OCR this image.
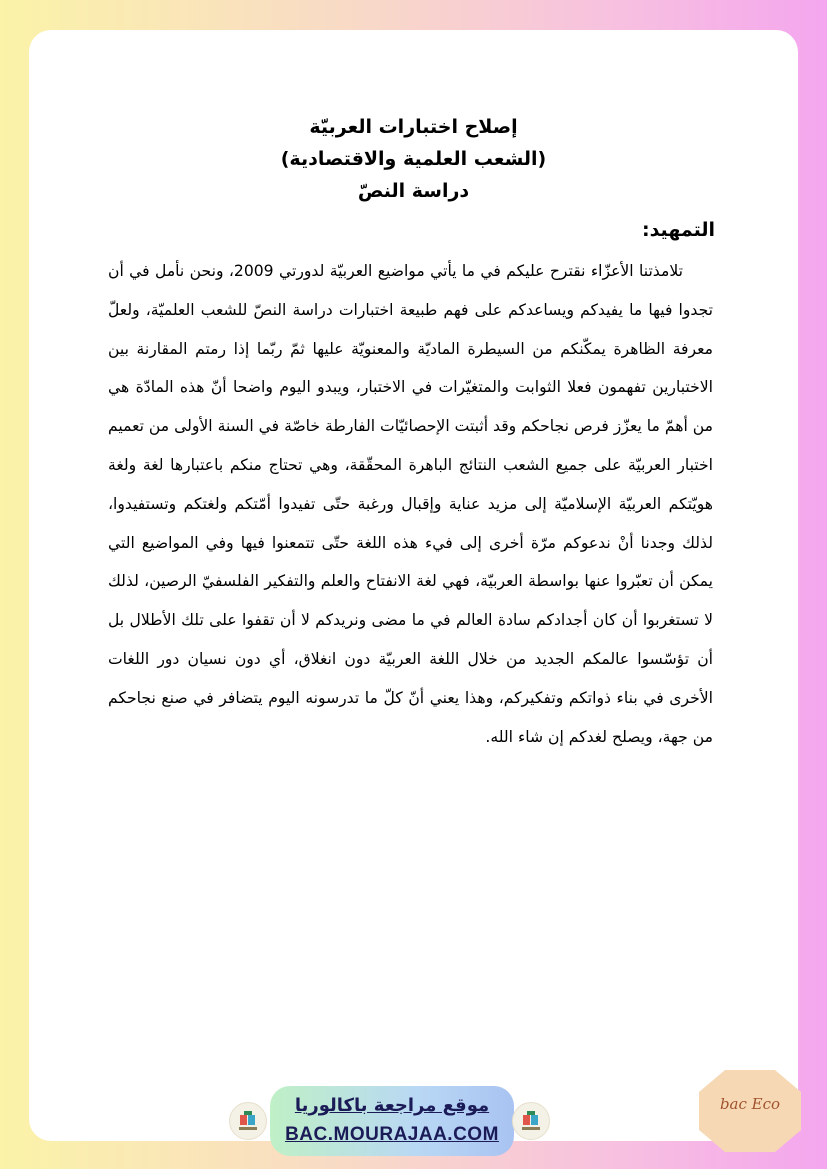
إصلاح اختبارات العربيّة
(الشعب العلمية والاقتصادية)
دراسة النصّ
التمهيد:

تلامذتنا الأعزّاء نقترح عليكم في ما يأتي مواضيع العربيّة لدورتي 2009، ونحن نأمل في أن تجدوا فيها ما يفيدكم ويساعدكم على فهم طبيعة اختبارات دراسة النصّ للشعب العلميّة، ولعلّ معرفة الظاهرة يمكّنكم من السيطرة الماديّة والمعنويّة عليها ثمّ ربّما إذا رمتم المقارنة بين الاختبارين تفهمون فعلا الثوابت والمتغيّرات في الاختبار، ويبدو اليوم واضحا أنّ هذه المادّة هي من أهمّ ما يعزّز فرص نجاحكم وقد أثبتت الإحصائيّات الفارطة خاصّة في السنة الأولى من تعميم اختبار العربيّة على جميع الشعب النتائج الباهرة المحقّقة، وهي تحتاج منكم باعتبارها لغة ولغة هويّتكم العربيّة الإسلاميّة إلى مزيد عناية وإقبال ورغبة حتّى تفيدوا أمّتكم ولغتكم وتستفيدوا، لذلك وجدنا أنْ ندعوكم مرّة أخرى إلى فيء هذه اللغة حتّى تتمعنوا فيها وفي المواضيع التي يمكن أن تعبّروا عنها بواسطة العربيّة، فهي لغة الانفتاح والعلم والتفكير الفلسفيّ الرصين، لذلك لا تستغربوا أن كان أجدادكم سادة العالم في ما مضى ونريدكم لا أن تقفوا على تلك الأطلال بل أن تؤسّسوا عالمكم الجديد من خلال اللغة العربيّة دون انغلاق، أي دون نسيان دور اللغات الأخرى في بناء ذواتكم وتفكيركم، وهذا يعني أنّ كلّ ما تدرسونه اليوم يتضافر في صنع نجاحكم من جهة، ويصلح لغدكم إن شاء الله.

موقع مراجعة باكالوريا
BAC.MOURAJAA.COM
bac Eco
